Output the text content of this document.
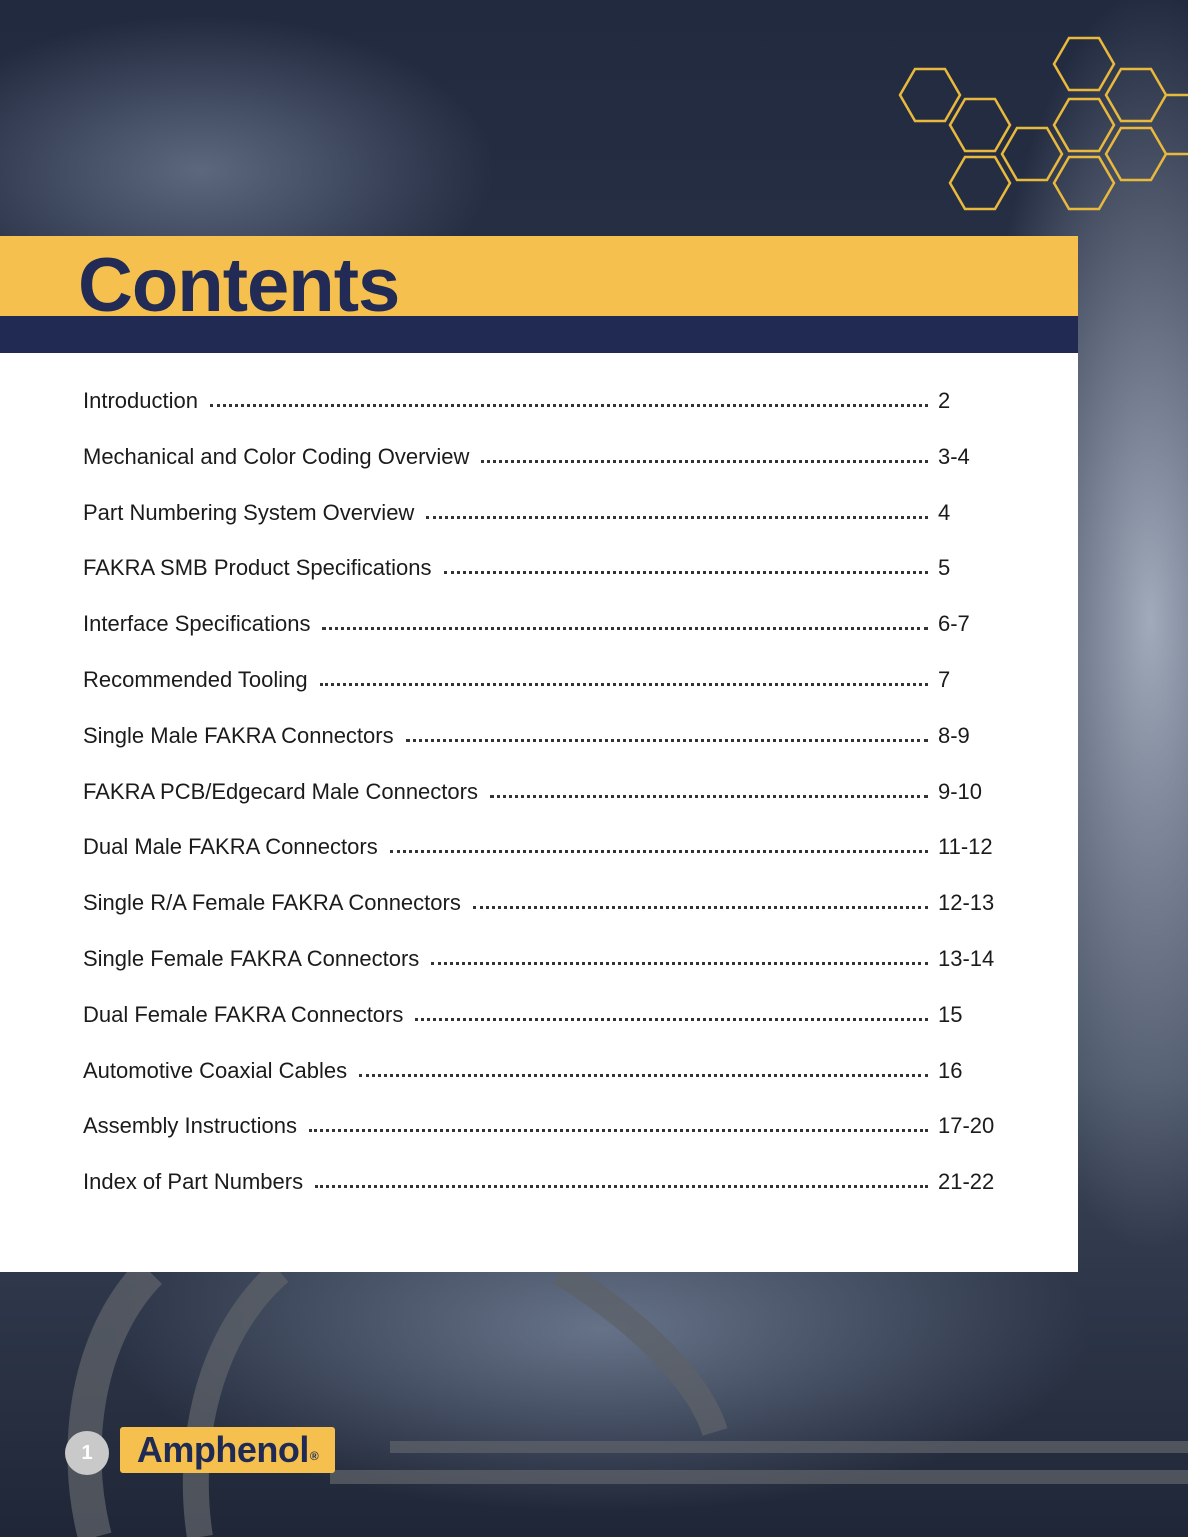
Contents
Introduction	2
Mechanical and Color Coding Overview	3-4
Part Numbering System Overview	4
FAKRA SMB Product Specifications	5
Interface Specifications	6-7
Recommended Tooling	7
Single Male FAKRA Connectors	8-9
FAKRA PCB/Edgecard Male Connectors	9-10
Dual Male FAKRA Connectors	11-12
Single R/A Female FAKRA Connectors	12-13
Single Female FAKRA Connectors	13-14
Dual Female FAKRA Connectors	15
Automotive Coaxial Cables	16
Assembly Instructions	17-20
Index of Part Numbers	21-22
1	Amphenol®
